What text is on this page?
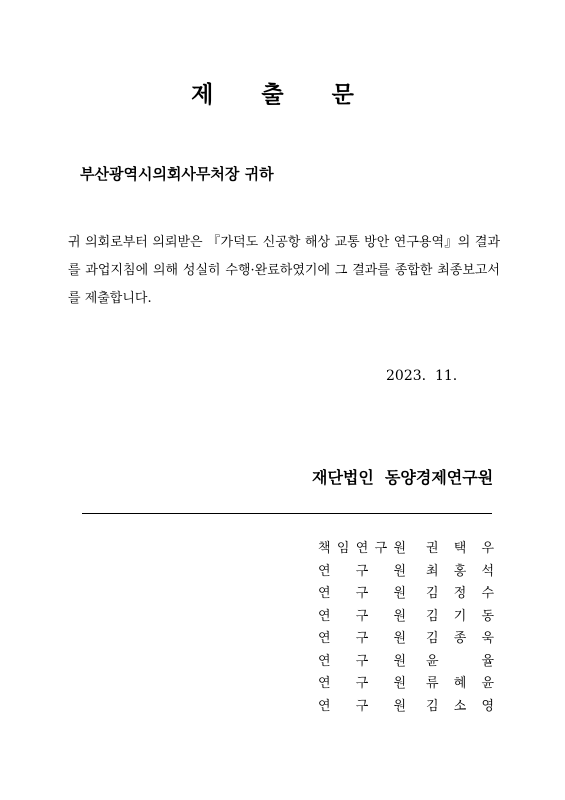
제 출 문
부산광역시의회사무처장 귀하
귀 의회로부터 의뢰받은 『가덕도 신공항 해상 교통 방안 연구용역』의 결과를 과업지침에 의해 성실히 수행·완료하였기에 그 결과를 종합한 최종보고서를 제출합니다.
2023.  11.
재단법인  동양경제연구원
책 임 연 구 원 권 택 우
연 구 원 최 홍 석
연 구 원 김 정 수
연 구 원 김 기 동
연 구 원 김 종 욱
연 구 원 윤	율
연 구 원 류 혜 윤
연 구 원 김 소 영
